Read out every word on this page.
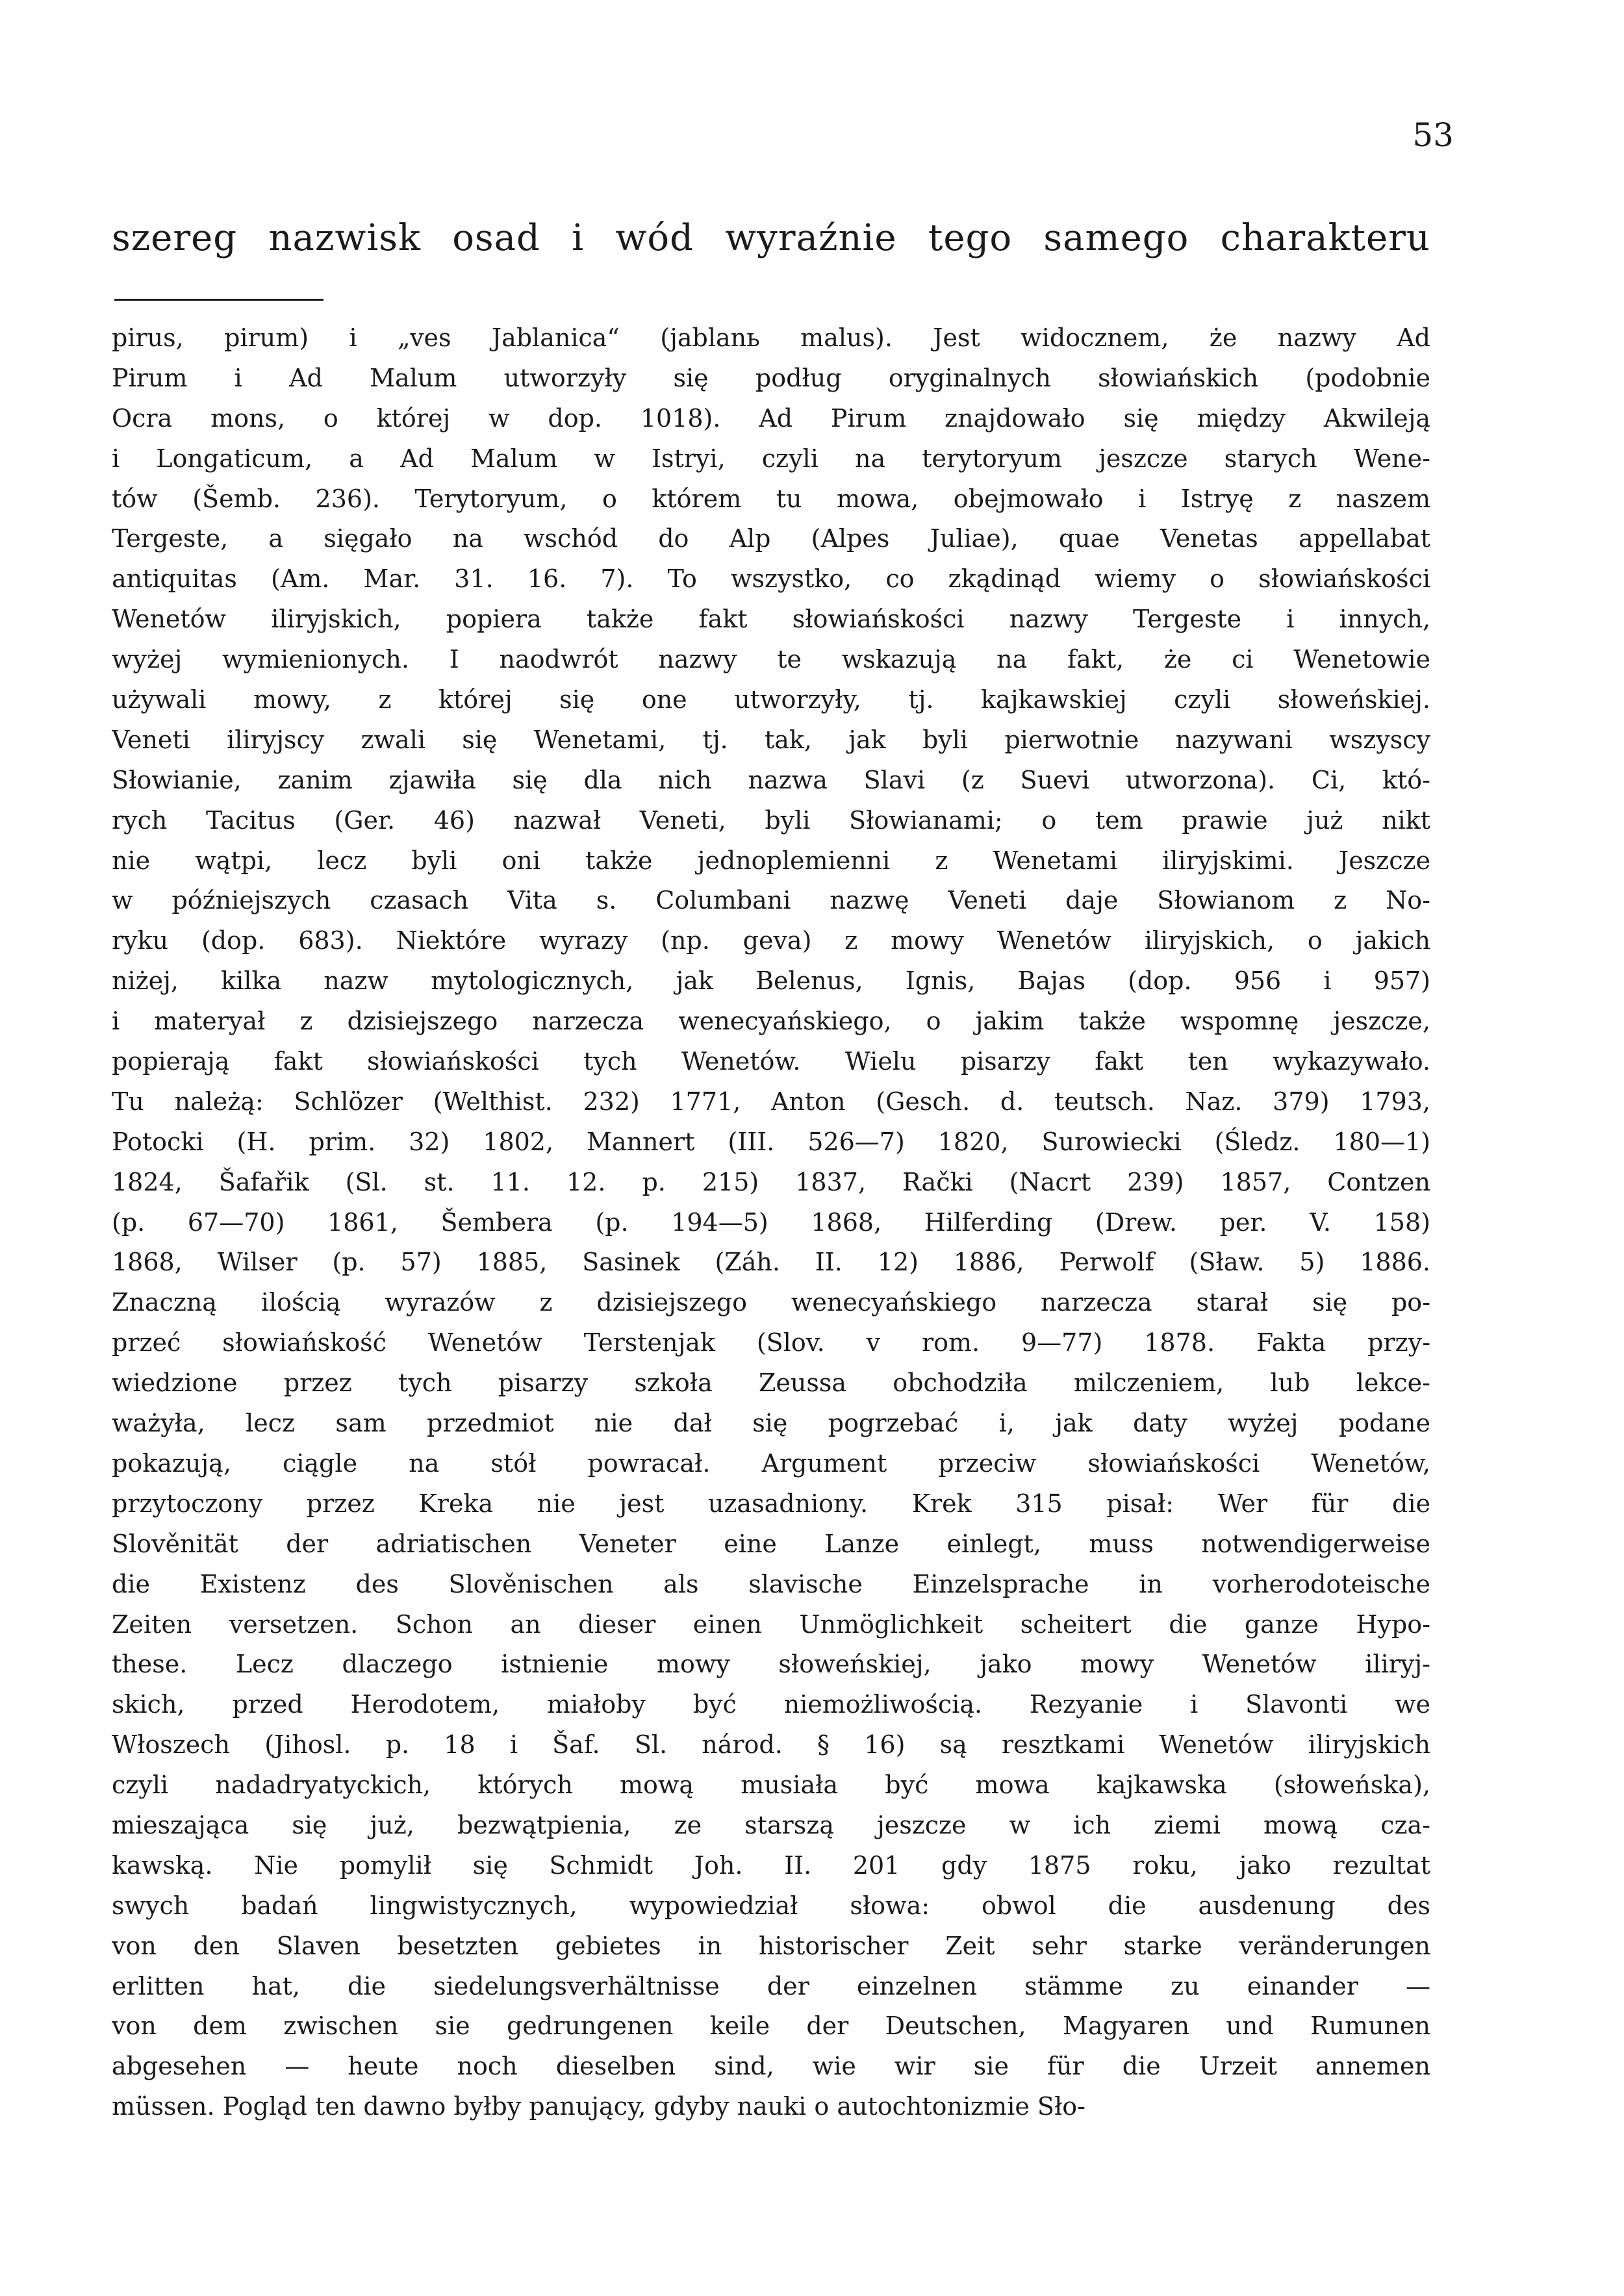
53
szereg nazwisk osad i wód wyraźnie tego samego charakteru
pirus, pirum) i „ves Jablanica“ (jablanь malus). Jest widocznem, że nazwy Ad
Pirum i Ad Malum utworzyły się podług oryginalnych słowiańskich (podobnie
Ocra mons, o której w dop. 1018). Ad Pirum znajdowało się między Akwileją
i Longaticum, a Ad Malum w Istryi, czyli na terytoryum jeszcze starych Wene-
tów (Šemb. 236). Terytoryum, o którem tu mowa, obejmowało i Istryę z naszem
Tergeste, a sięgało na wschód do Alp (Alpes Juliae), quae Venetas appellabat
antiquitas (Am. Mar. 31. 16. 7). To wszystko, co zkądinąd wiemy o słowiańskości
Wenetów iliryjskich, popiera także fakt słowiańskości nazwy Tergeste i innych,
wyżej wymienionych. I naodwrót nazwy te wskazują na fakt, że ci Wenetowie
używali mowy, z której się one utworzyły, tj. kajkawskiej czyli słoweńskiej.
Veneti iliryjscy zwali się Wenetami, tj. tak, jak byli pierwotnie nazywani wszyscy
Słowianie, zanim zjawiła się dla nich nazwa Slavi (z Suevi utworzona). Ci, któ-
rych Tacitus (Ger. 46) nazwał Veneti, byli Słowianami; o tem prawie już nikt
nie wątpi, lecz byli oni także jednoplemienni z Wenetami iliryjskimi. Jeszcze
w późniejszych czasach Vita s. Columbani nazwę Veneti daje Słowianom z No-
ryku (dop. 683). Niektóre wyrazy (np. geva) z mowy Wenetów iliryjskich, o jakich
niżej, kilka nazw mytologicznych, jak Belenus, Ignis, Bajas (dop. 956 i 957)
i materyał z dzisiejszego narzecza wenecyańskiego, o jakim także wspomnę jeszcze,
popierają fakt słowiańskości tych Wenetów. Wielu pisarzy fakt ten wykazywało.
Tu należą: Schlözer (Welthist. 232) 1771, Anton (Gesch. d. teutsch. Naz. 379) 1793,
Potocki (H. prim. 32) 1802, Mannert (III. 526—7) 1820, Surowiecki (Śledz. 180—1)
1824, Šafařik (Sl. st. 11. 12. p. 215) 1837, Rački (Nacrt 239) 1857, Contzen
(p. 67—70) 1861, Šembera (p. 194—5) 1868, Hilferding (Drew. per. V. 158)
1868, Wilser (p. 57) 1885, Sasinek (Záh. II. 12) 1886, Perwolf (Sław. 5) 1886.
Znaczną ilością wyrazów z dzisiejszego wenecyańskiego narzecza starał się po-
przeć słowiańskość Wenetów Terstenjak (Slov. v rom. 9—77) 1878. Fakta przy-
wiedzione przez tych pisarzy szkoła Zeussa obchodziła milczeniem, lub lekce-
ważyła, lecz sam przedmiot nie dał się pogrzebać i, jak daty wyżej podane
pokazują, ciągle na stół powracał. Argument przeciw słowiańskości Wenetów,
przytoczony przez Kreka nie jest uzasadniony. Krek 315 pisał: Wer für die
Slověnität der adriatischen Veneter eine Lanze einlegt, muss notwendigerweise
die Existenz des Slověnischen als slavische Einzelsprache in vorherodoteische
Zeiten versetzen. Schon an dieser einen Unmöglichkeit scheitert die ganze Hypo-
these. Lecz dlaczego istnienie mowy słoweńskiej, jako mowy Wenetów iliryj-
skich, przed Herodotem, miałoby być niemożliwością. Rezyanie i Slavonti we
Włoszech (Jihosl. p. 18 i Šaf. Sl. národ. § 16) są resztkami Wenetów iliryjskich
czyli nadadryatyckich, których mową musiała być mowa kajkawska (słoweńska),
mieszająca się już, bezwątpienia, ze starszą jeszcze w ich ziemi mową cza-
kawską. Nie pomylił się Schmidt Joh. II. 201 gdy 1875 roku, jako rezultat
swych badań lingwistycznych, wypowiedział słowa: obwol die ausdenung des
von den Slaven besetzten gebietes in historischer Zeit sehr starke veränderungen
erlitten hat, die siedelungsverhältnisse der einzelnen stämme zu einander —
von dem zwischen sie gedrungenen keile der Deutschen, Magyaren und Rumunen
abgesehen — heute noch dieselben sind, wie wir sie für die Urzeit annemen
müssen. Pogląd ten dawno byłby panujący, gdyby nauki o autochtonizmie Sło-
